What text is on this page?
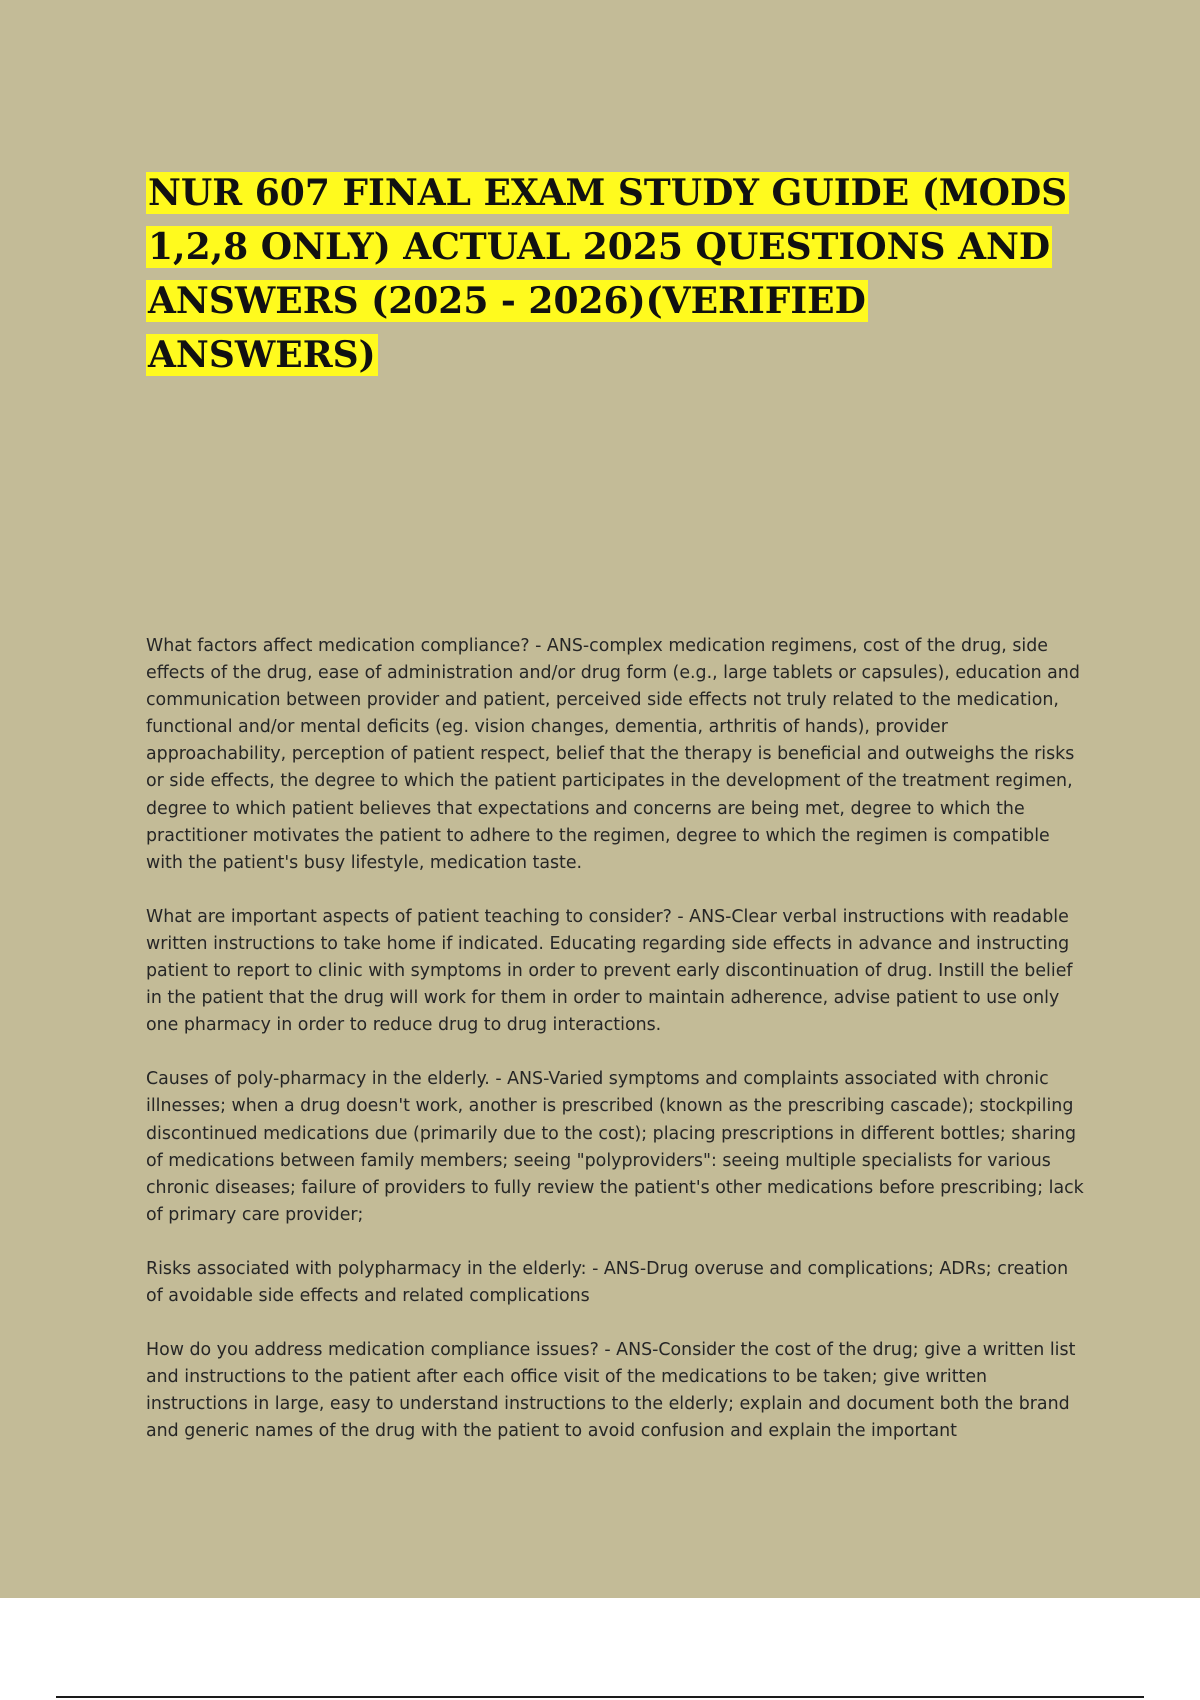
NUR 607 FINAL EXAM STUDY GUIDE (MODS 1,2,8 ONLY) ACTUAL 2025 QUESTIONS AND ANSWERS (2025 - 2026)(VERIFIED ANSWERS)

What factors affect medication compliance? - ANS-complex medication regimens, cost of the drug, side effects of the drug, ease of administration and/or drug form (e.g., large tablets or capsules), education and communication between provider and patient, perceived side effects not truly related to the medication, functional and/or mental deficits (eg. vision changes, dementia, arthritis of hands), provider approachability, perception of patient respect, belief that the therapy is beneficial and outweighs the risks or side effects, the degree to which the patient participates in the development of the treatment regimen, degree to which patient believes that expectations and concerns are being met, degree to which the practitioner motivates the patient to adhere to the regimen, degree to which the regimen is compatible with the patient's busy lifestyle, medication taste.

What are important aspects of patient teaching to consider? - ANS-Clear verbal instructions with readable written instructions to take home if indicated. Educating regarding side effects in advance and instructing patient to report to clinic with symptoms in order to prevent early discontinuation of drug. Instill the belief in the patient that the drug will work for them in order to maintain adherence, advise patient to use only one pharmacy in order to reduce drug to drug interactions.

Causes of poly-pharmacy in the elderly. - ANS-Varied symptoms and complaints associated with chronic illnesses; when a drug doesn't work, another is prescribed (known as the prescribing cascade); stockpiling discontinued medications due (primarily due to the cost); placing prescriptions in different bottles; sharing of medications between family members; seeing "polyproviders": seeing multiple specialists for various chronic diseases; failure of providers to fully review the patient's other medications before prescribing; lack of primary care provider;

Risks associated with polypharmacy in the elderly: - ANS-Drug overuse and complications; ADRs; creation of avoidable side effects and related complications

How do you address medication compliance issues? - ANS-Consider the cost of the drug; give a written list and instructions to the patient after each office visit of the medications to be taken; give written instructions in large, easy to understand instructions to the elderly; explain and document both the brand and generic names of the drug with the patient to avoid confusion and explain the important
